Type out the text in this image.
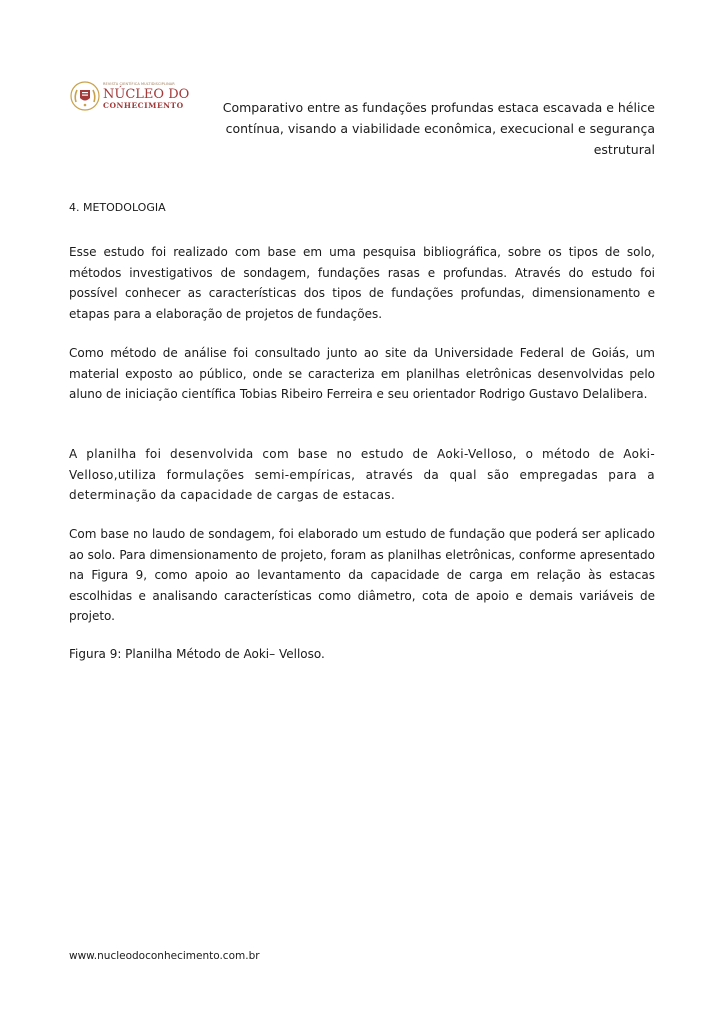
REVISTA CIENTÍFICA MULTIDISCIPLINAR
NÚCLEO DO
CONHECIMENTO	Comparativo entre as fundações profundas estaca escavada e hélice contínua, visando a viabilidade econômica, execucional e segurança estrutural
4. METODOLOGIA

Esse estudo foi realizado com base em uma pesquisa bibliográfica, sobre os tipos de solo, métodos investigativos de sondagem, fundações rasas e profundas. Através do estudo foi possível conhecer as características dos tipos de fundações profundas, dimensionamento e etapas para a elaboração de projetos de fundações.

Como método de análise foi consultado junto ao site da Universidade Federal de Goiás, um material exposto ao público, onde se caracteriza em planilhas eletrônicas desenvolvidas pelo aluno de iniciação científica Tobias Ribeiro Ferreira e seu orientador Rodrigo Gustavo Delalibera.

A planilha foi desenvolvida com base no estudo de Aoki-Velloso, o método de Aoki-Velloso,utiliza formulações semi-empíricas, através da qual são empregadas para a determinação da capacidade de cargas de estacas.

Com base no laudo de sondagem, foi elaborado um estudo de fundação que poderá ser aplicado ao solo. Para dimensionamento de projeto, foram as planilhas eletrônicas, conforme apresentado na Figura 9, como apoio ao levantamento da capacidade de carga em relação às estacas escolhidas e analisando características como diâmetro, cota de apoio e demais variáveis de projeto.

Figura 9: Planilha Método de Aoki– Velloso.
www.nucleodoconhecimento.com.br
